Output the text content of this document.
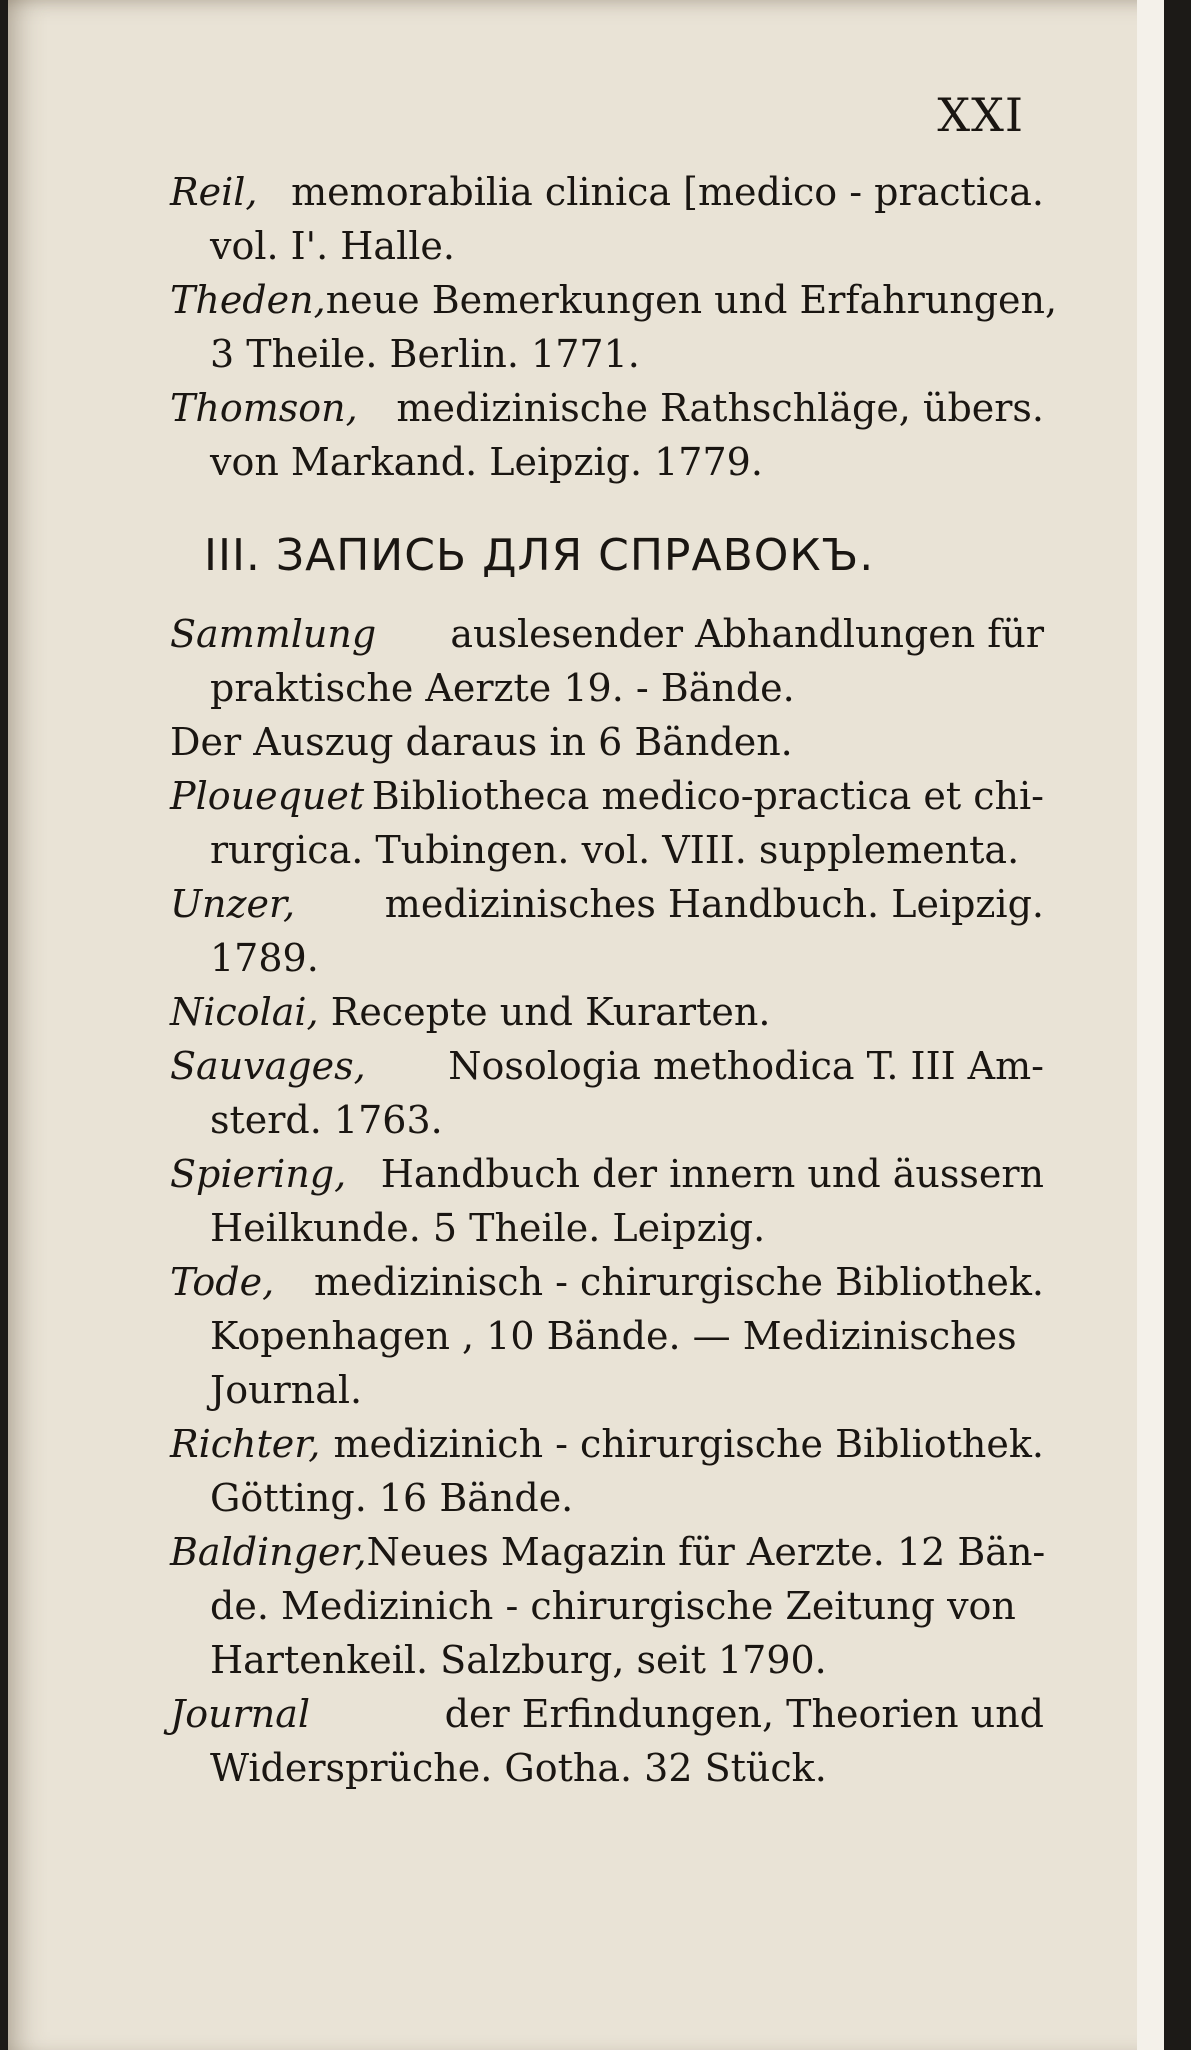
XXI

Reil, memorabilia clinica [medico - practica.

vol. I'. Halle.

Theden, neue Bemerkungen und Erfahrungen,

3 Theile. Berlin. 1771.

Thomson, medizinische Rathschläge, übers.

von Markand. Leipzig. 1779.

III. ЗАПИСЬ ДЛЯ СПРАВОКЪ.

Sammlung auslesender Abhandlungen für

praktische Aerzte 19. - Bände.

Der Auszug daraus in 6 Bänden.

Plouequet Bibliotheca medico-practica et chi-

rurgica. Tubingen. vol. VIII. supplementa.

Unzer, medizinisches Handbuch. Leipzig.

1789.

Nicolai, Recepte und Kurarten.

Sauvages, Nosologia methodica T. III Am-

sterd. 1763.

Spiering, Handbuch der innern und äussern

Heilkunde. 5 Theile. Leipzig.

Tode, medizinisch - chirurgische Bibliothek.

Kopenhagen , 10 Bände. — Medizinisches

Journal.

Richter, medizinich - chirurgische Bibliothek.

Götting. 16 Bände.

Baldinger, Neues Magazin für Aerzte. 12 Bän-

de. Medizinich - chirurgische Zeitung von

Hartenkeil. Salzburg, seit 1790.

Journal	der Erfindungen, Theorien und

Widersprüche. Gotha. 32 Stück.
